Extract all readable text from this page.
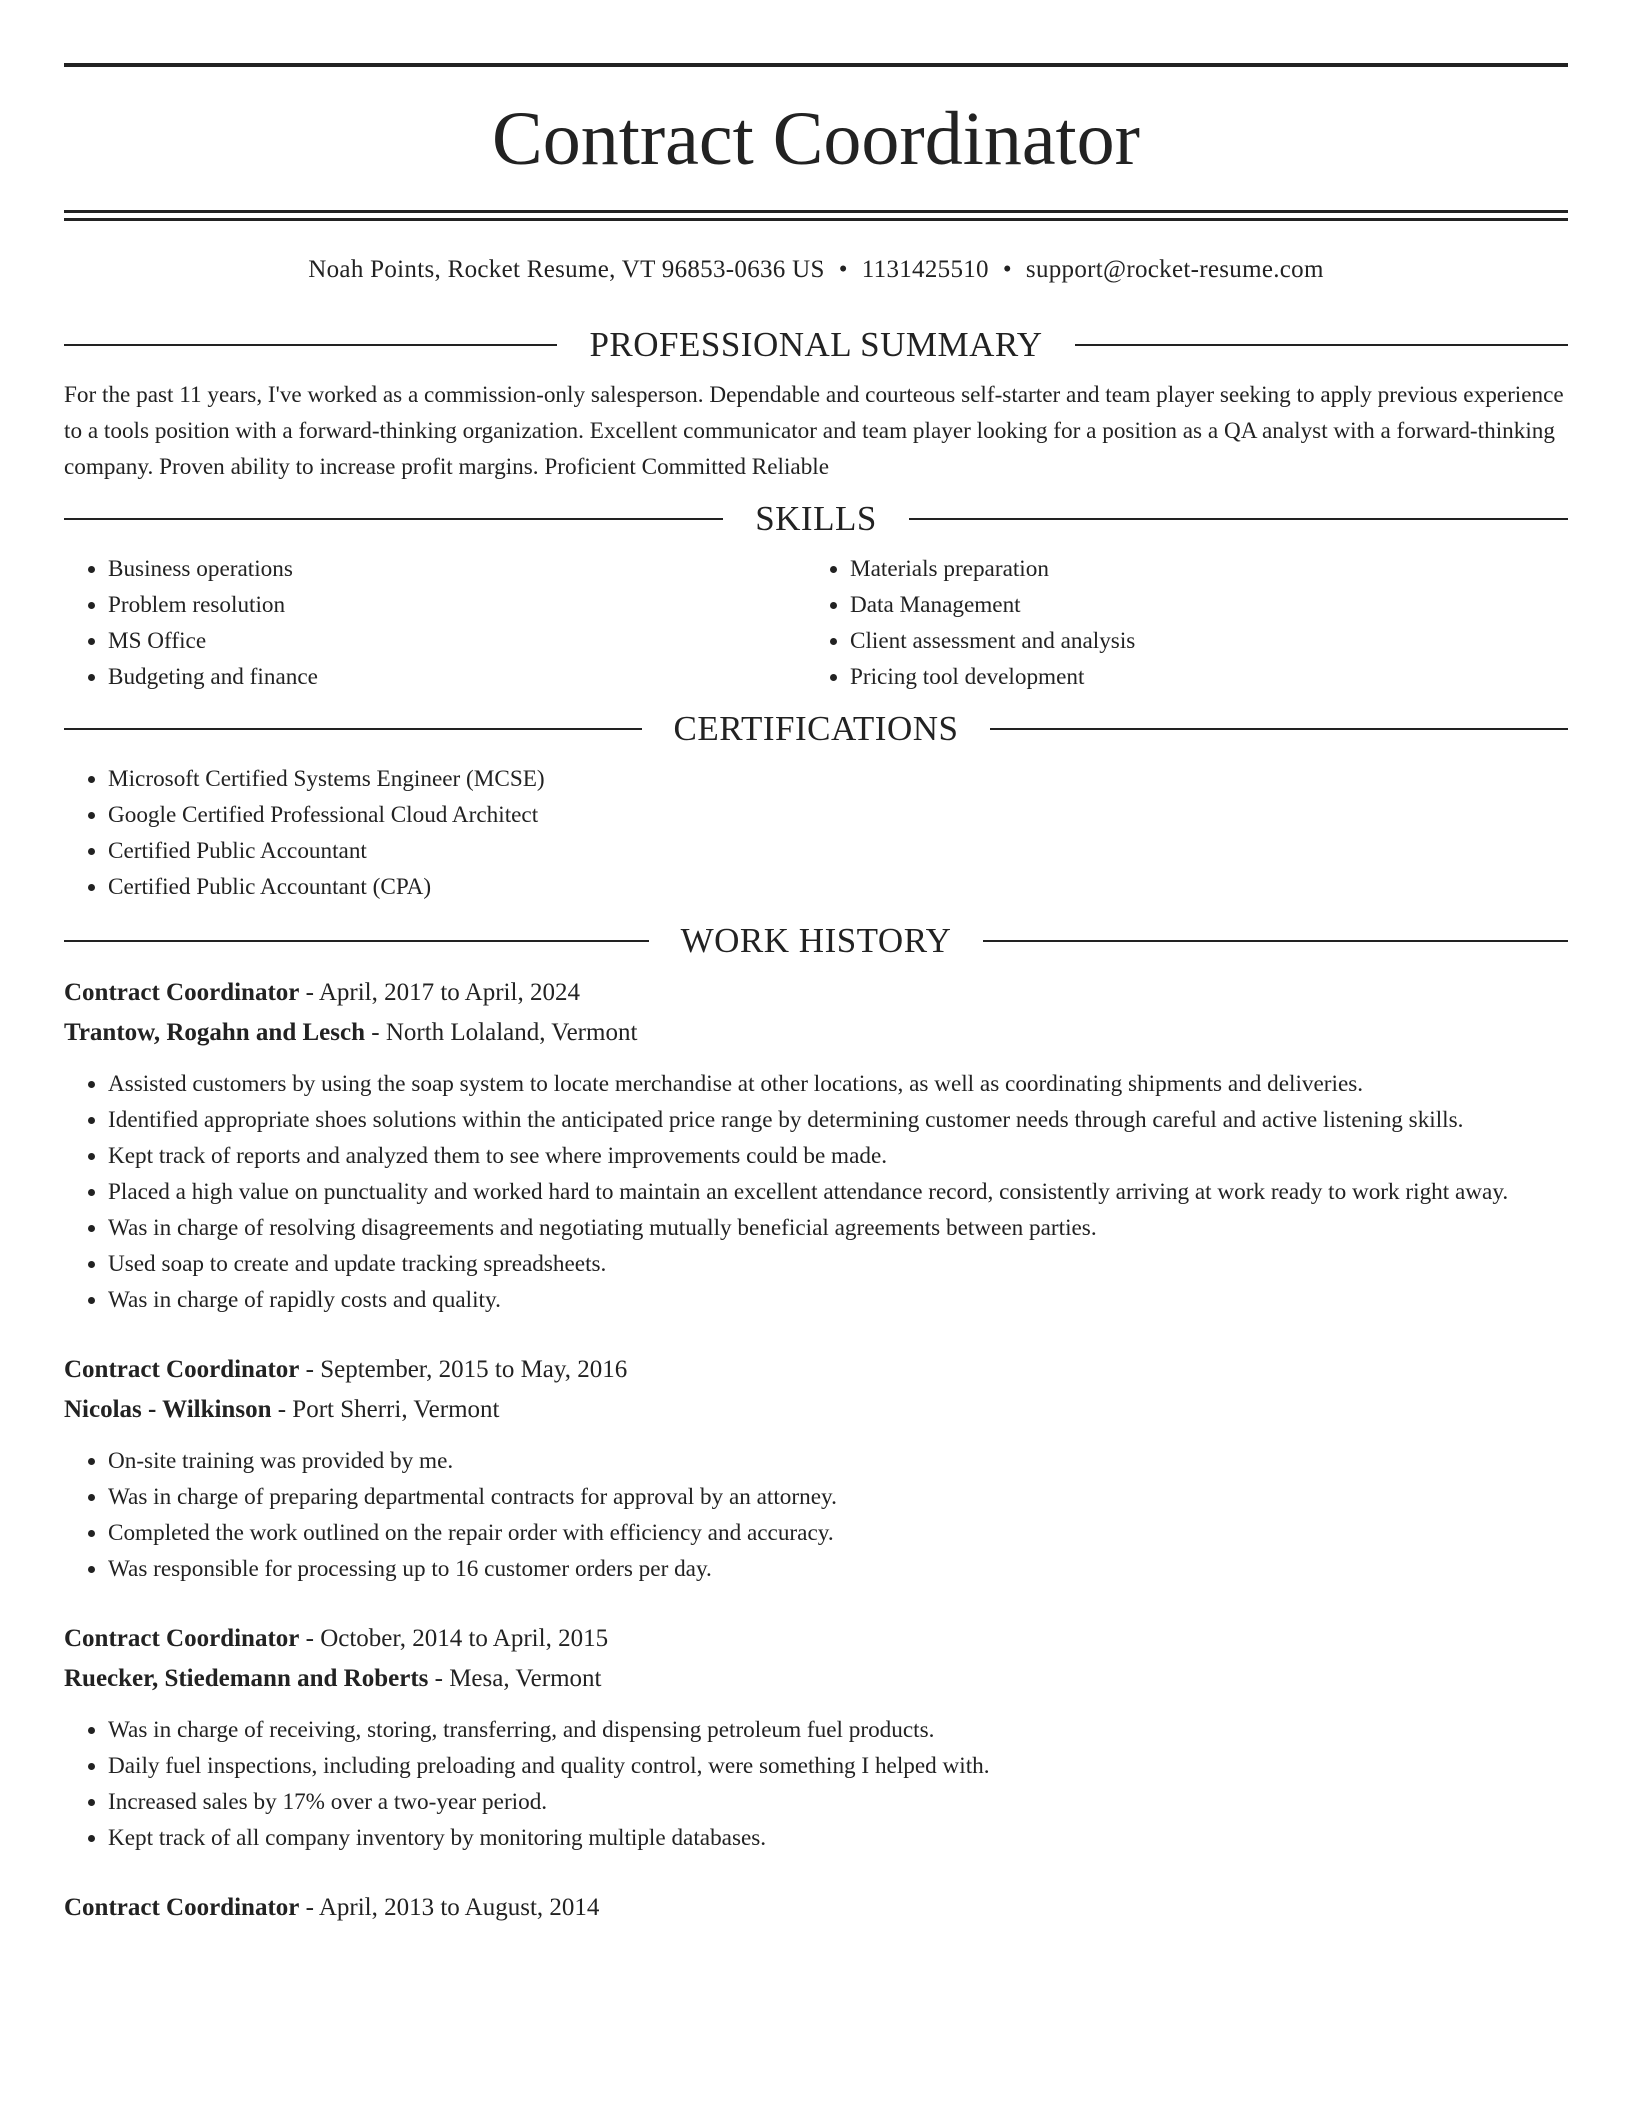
Contract Coordinator
Noah Points, Rocket Resume, VT 96853-0636 US • 1131425510 • support@rocket-resume.com
PROFESSIONAL SUMMARY

For the past 11 years, I've worked as a commission-only salesperson. Dependable and courteous self-starter and team player seeking to apply previous experience to a tools position with a forward-thinking organization. Excellent communicator and team player looking for a position as a QA analyst with a forward-thinking company. Proven ability to increase profit margins. Proficient Committed Reliable

SKILLS
• Business operations
• Problem resolution
• MS Office
• Budgeting and finance
• Materials preparation
• Data Management
• Client assessment and analysis
• Pricing tool development
CERTIFICATIONS
• Microsoft Certified Systems Engineer (MCSE)
• Google Certified Professional Cloud Architect
• Certified Public Accountant
• Certified Public Accountant (CPA)
WORK HISTORY
Contract Coordinator - April, 2017 to April, 2024
Trantow, Rogahn and Lesch - North Lolaland, Vermont
• Assisted customers by using the soap system to locate merchandise at other locations, as well as coordinating shipments and deliveries.
• Identified appropriate shoes solutions within the anticipated price range by determining customer needs through careful and active listening skills.
• Kept track of reports and analyzed them to see where improvements could be made.
• Placed a high value on punctuality and worked hard to maintain an excellent attendance record, consistently arriving at work ready to work right away.
• Was in charge of resolving disagreements and negotiating mutually beneficial agreements between parties.
• Used soap to create and update tracking spreadsheets.
• Was in charge of rapidly costs and quality.
Contract Coordinator - September, 2015 to May, 2016
Nicolas - Wilkinson - Port Sherri, Vermont
• On-site training was provided by me.
• Was in charge of preparing departmental contracts for approval by an attorney.
• Completed the work outlined on the repair order with efficiency and accuracy.
• Was responsible for processing up to 16 customer orders per day.
Contract Coordinator - October, 2014 to April, 2015
Ruecker, Stiedemann and Roberts - Mesa, Vermont
• Was in charge of receiving, storing, transferring, and dispensing petroleum fuel products.
• Daily fuel inspections, including preloading and quality control, were something I helped with.
• Increased sales by 17% over a two-year period.
• Kept track of all company inventory by monitoring multiple databases.
Contract Coordinator - April, 2013 to August, 2014
